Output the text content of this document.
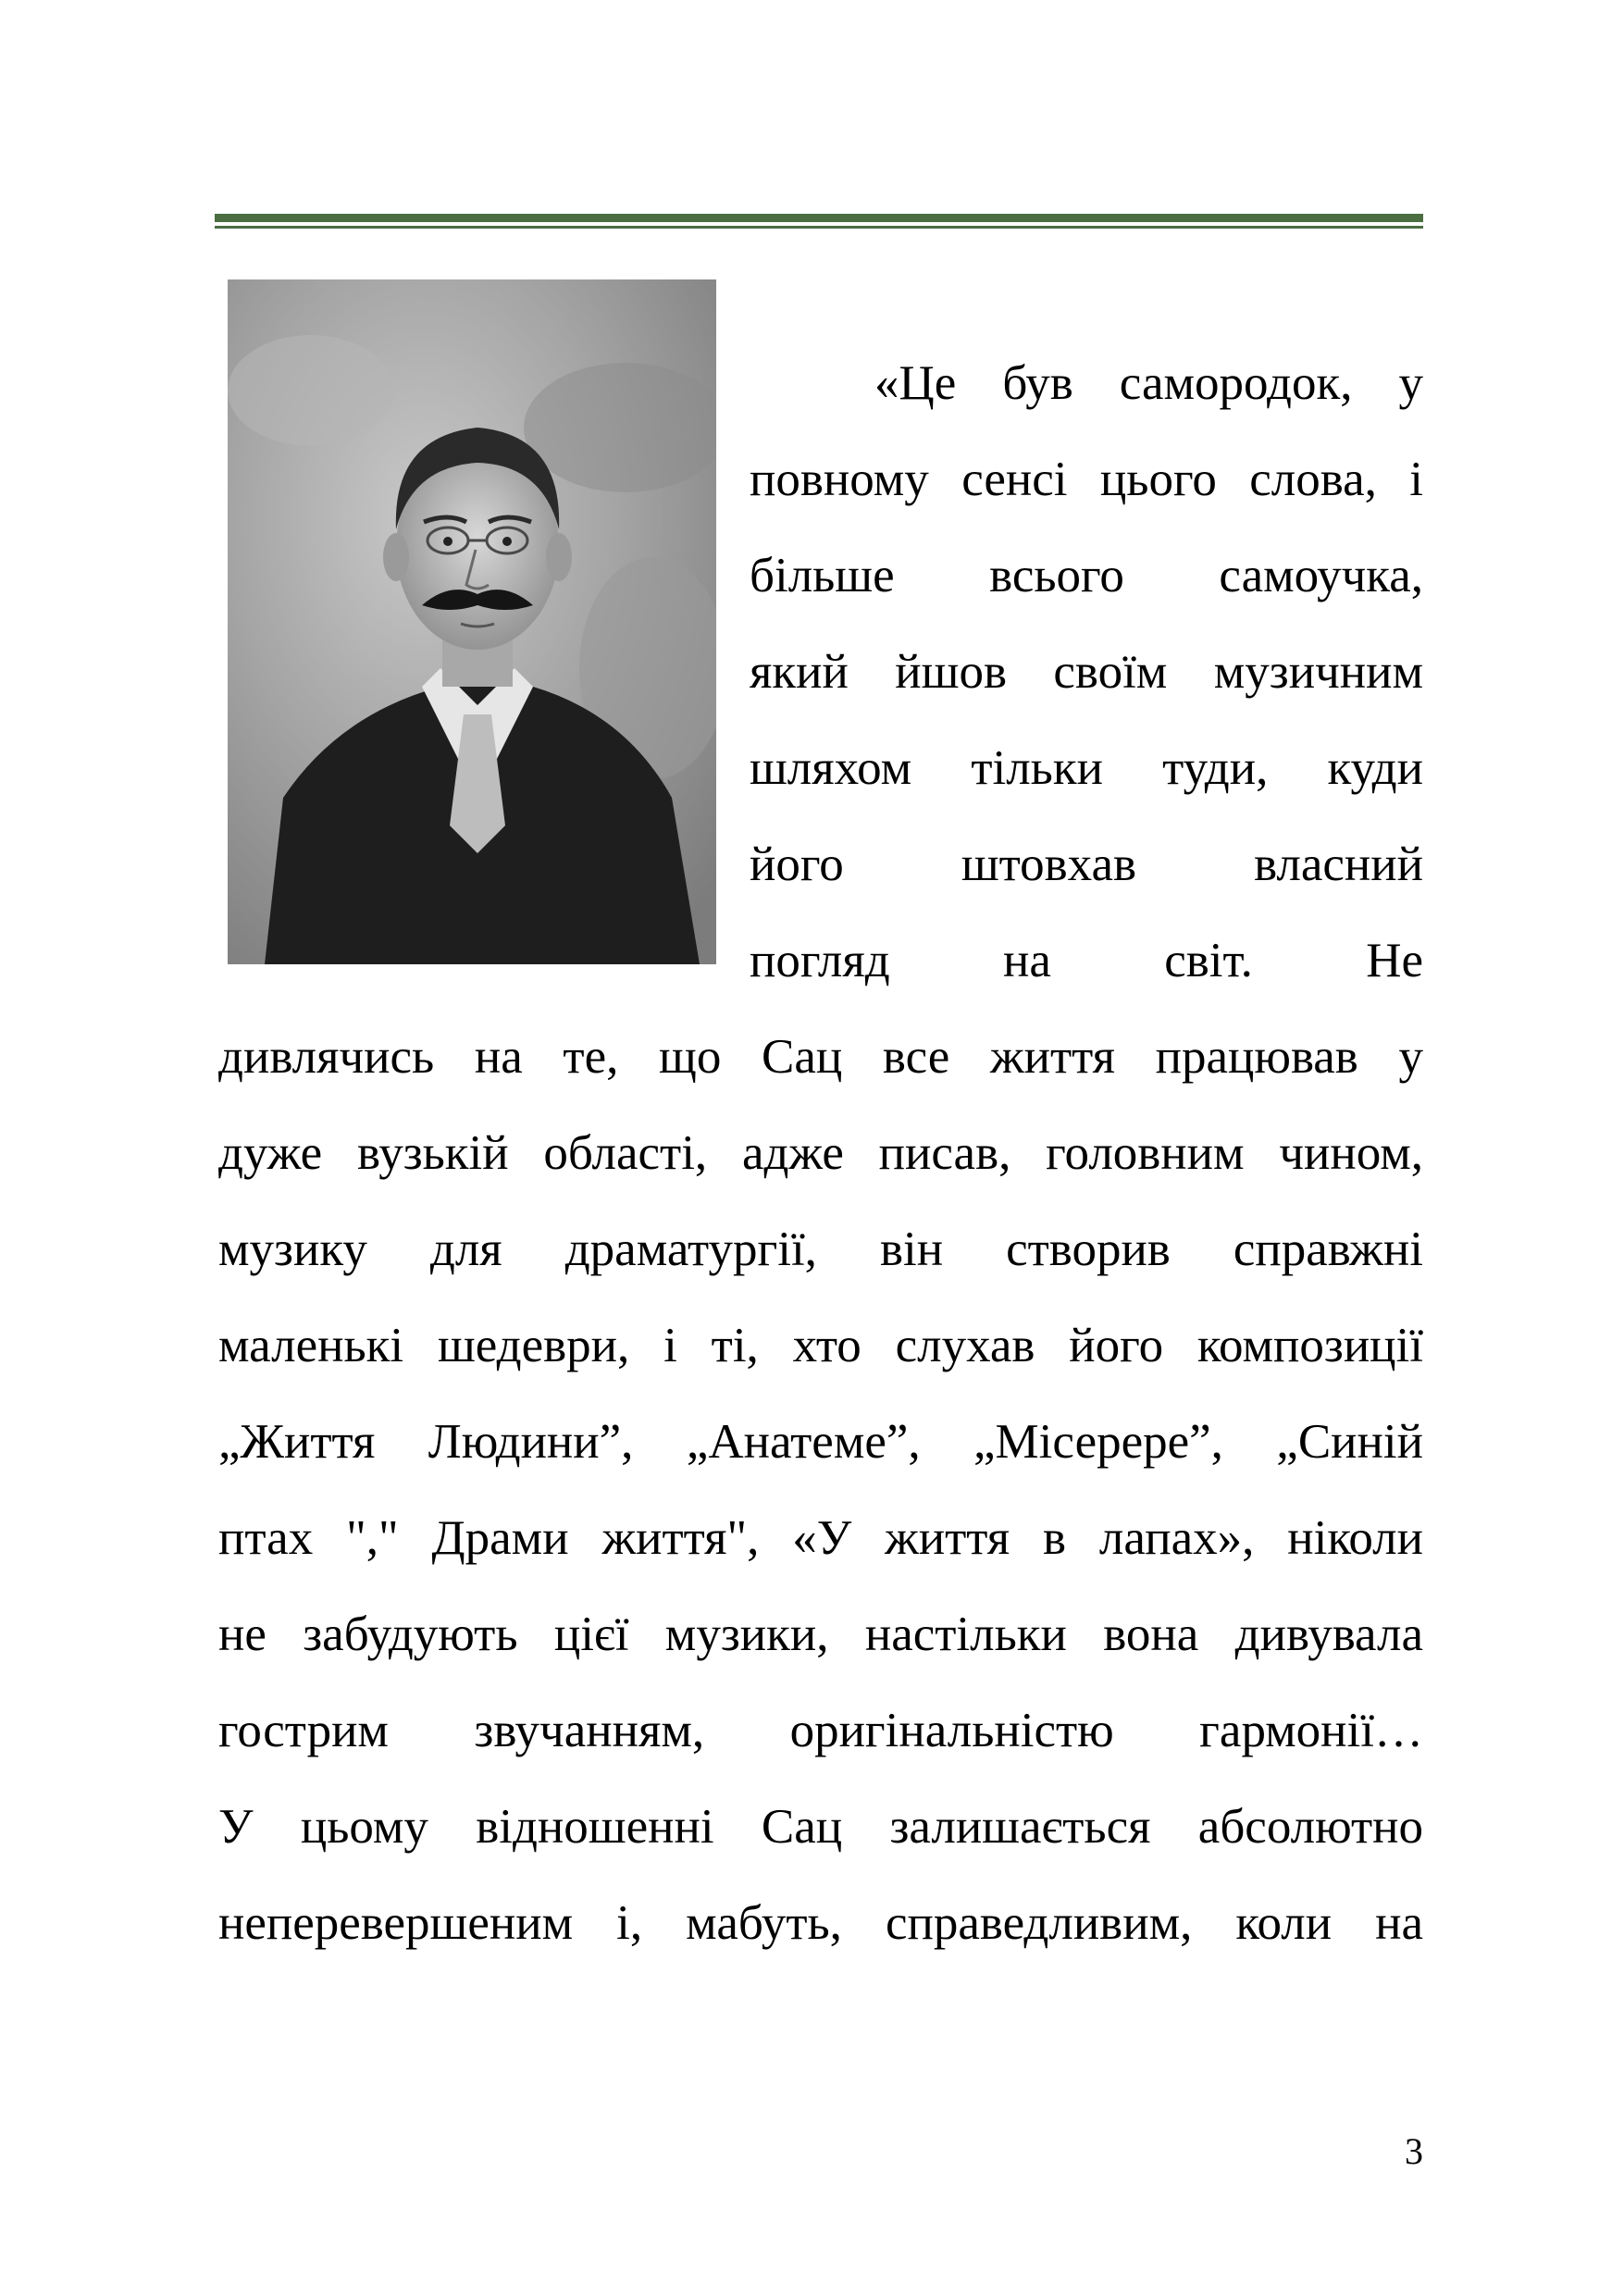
«Це був самородок, у
повному сенсі цього слова, і
більше всього самоучка,
який йшов своїм музичним
шляхом тільки туди, куди
його штовхав власний
погляд на світ. Не
дивлячись на те, що Сац все життя працював у
дуже вузькій області, адже писав, головним чином,
музику для драматургії, він створив справжні
маленькі шедеври, і ті, хто слухав його композиції
„Життя Людини”, „Анатеме”, „Мiсерере”, „Синій
птах "," Драми життя", «У життя в лапах», ніколи
не забудують цієї музики, настільки вона дивувала
гострим звучанням, оригінальністю гармонії…
У цьому відношенні Сац залишається абсолютно
неперевершеним і, мабуть, справедливим, коли на
3
